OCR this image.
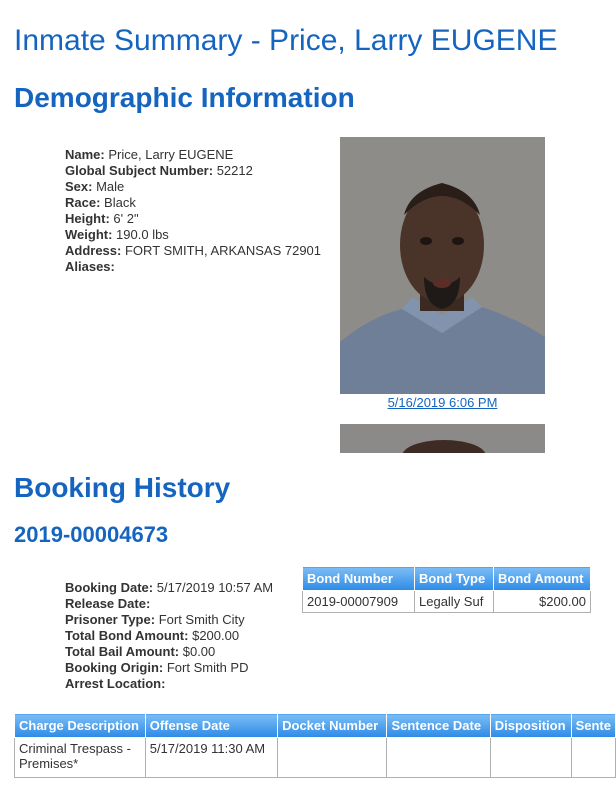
Inmate Summary - Price, Larry EUGENE
Demographic Information
Name: Price, Larry EUGENE
Global Subject Number: 52212
Sex: Male
Race: Black
Height: 6' 2"
Weight: 190.0 lbs
Address: FORT SMITH, ARKANSAS 72901
Aliases:
5/16/2019 6:06 PM
Booking History
2019-00004673
Booking Date: 5/17/2019 10:57 AM
Release Date:
Prisoner Type: Fort Smith City
Total Bond Amount: $200.00
Total Bail Amount: $0.00
Booking Origin: Fort Smith PD
Arrest Location:
Bond Number	Bond Type	Bond Amount
2019-00007909	Legally Suf	$200.00
Charge Description	Offense Date	Docket Number	Sentence Date	Disposition	Sente
Criminal Trespass - Premises*	5/17/2019 11:30 AM				
